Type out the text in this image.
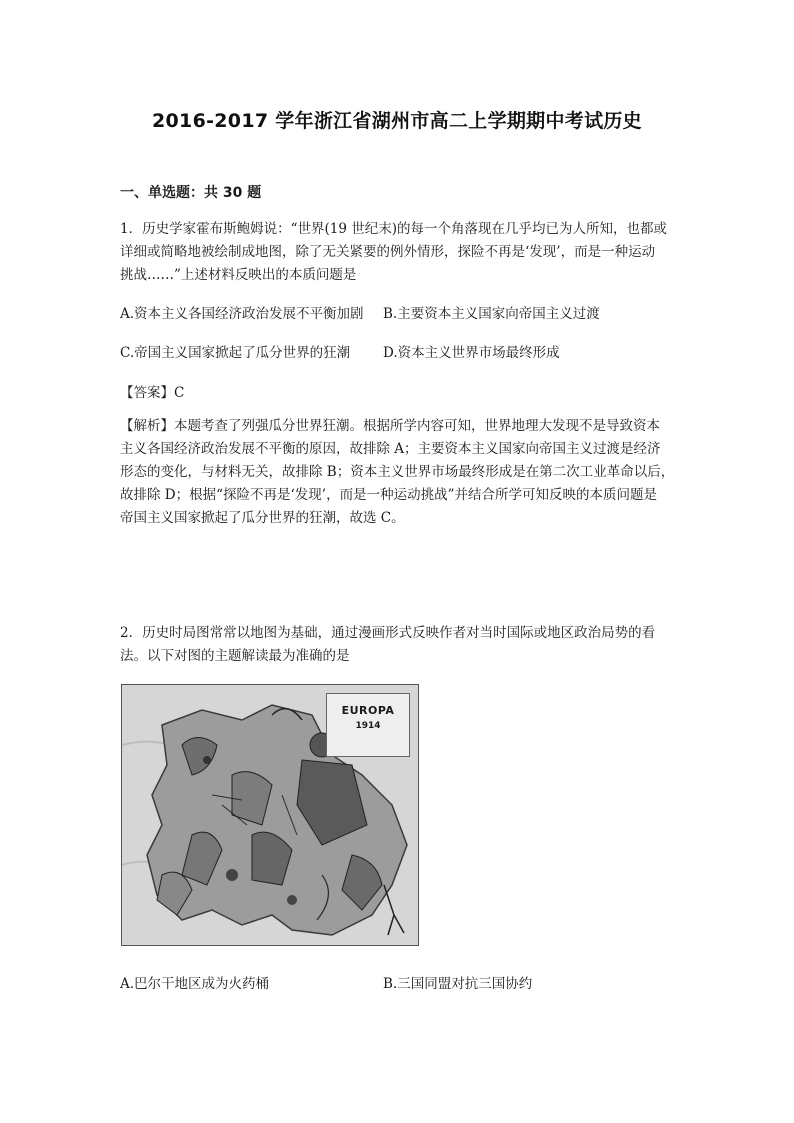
2016-2017 学年浙江省湖州市高二上学期期中考试历史
一、单选题：共 30 题
1．历史学家霍布斯鲍姆说：“世界(19 世纪末)的每一个角落现在几乎均已为人所知，也都或
详细或简略地被绘制成地图，除了无关紧要的例外情形，探险不再是‘发现’，而是一种运动
挑战……”上述材料反映出的本质问题是
A.资本主义各国经济政治发展不平衡加剧 B.主要资本主义国家向帝国主义过渡
C.帝国主义国家掀起了瓜分世界的狂潮 D.资本主义世界市场最终形成
【答案】C
【解析】本题考查了列强瓜分世界狂潮。根据所学内容可知，世界地理大发现不是导致资本
主义各国经济政治发展不平衡的原因，故排除 A；主要资本主义国家向帝国主义过渡是经济
形态的变化，与材料无关，故排除 B；资本主义世界市场最终形成是在第二次工业革命以后，
故排除 D；根据“探险不再是‘发现’，而是一种运动挑战”并结合所学可知反映的本质问题是
帝国主义国家掀起了瓜分世界的狂潮，故选 C。
2．历史时局图常常以地图为基础，通过漫画形式反映作者对当时国际或地区政治局势的看
法。以下对图的主题解读最为准确的是
EUROPA
1914
A.巴尔干地区成为火药桶	B.三国同盟对抗三国协约
